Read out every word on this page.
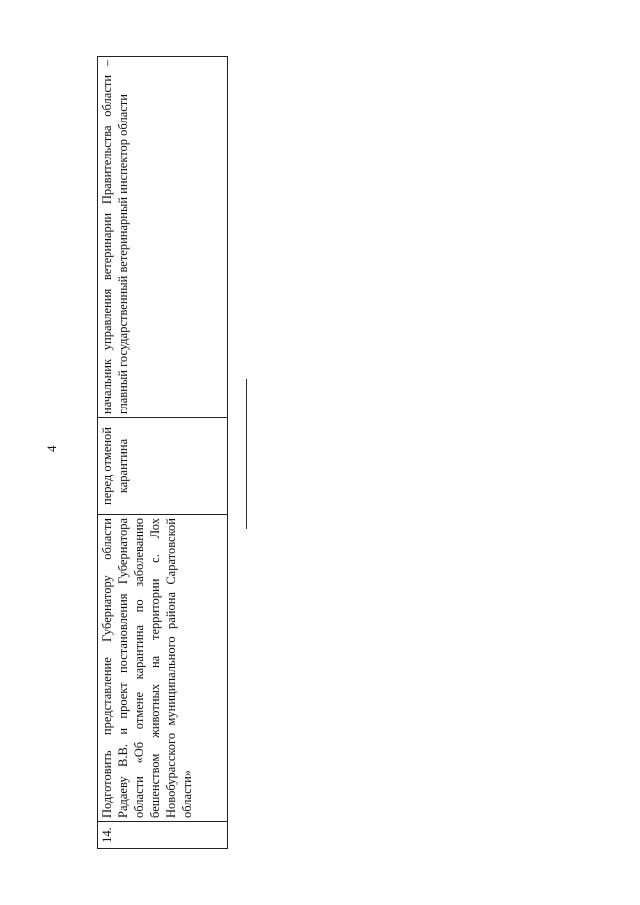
4
14.	Подготовить представление Губернатору области Радаеву В.В. и проект постановления Губернатора области «Об отмене карантина по заболеванию бешенством животных на территории с. Лох Новобурасского муниципального района Саратовской области»	перед отменой карантина	начальник управления ветеринарии Правительства области – главный государственный ветеринарный инспектор области
